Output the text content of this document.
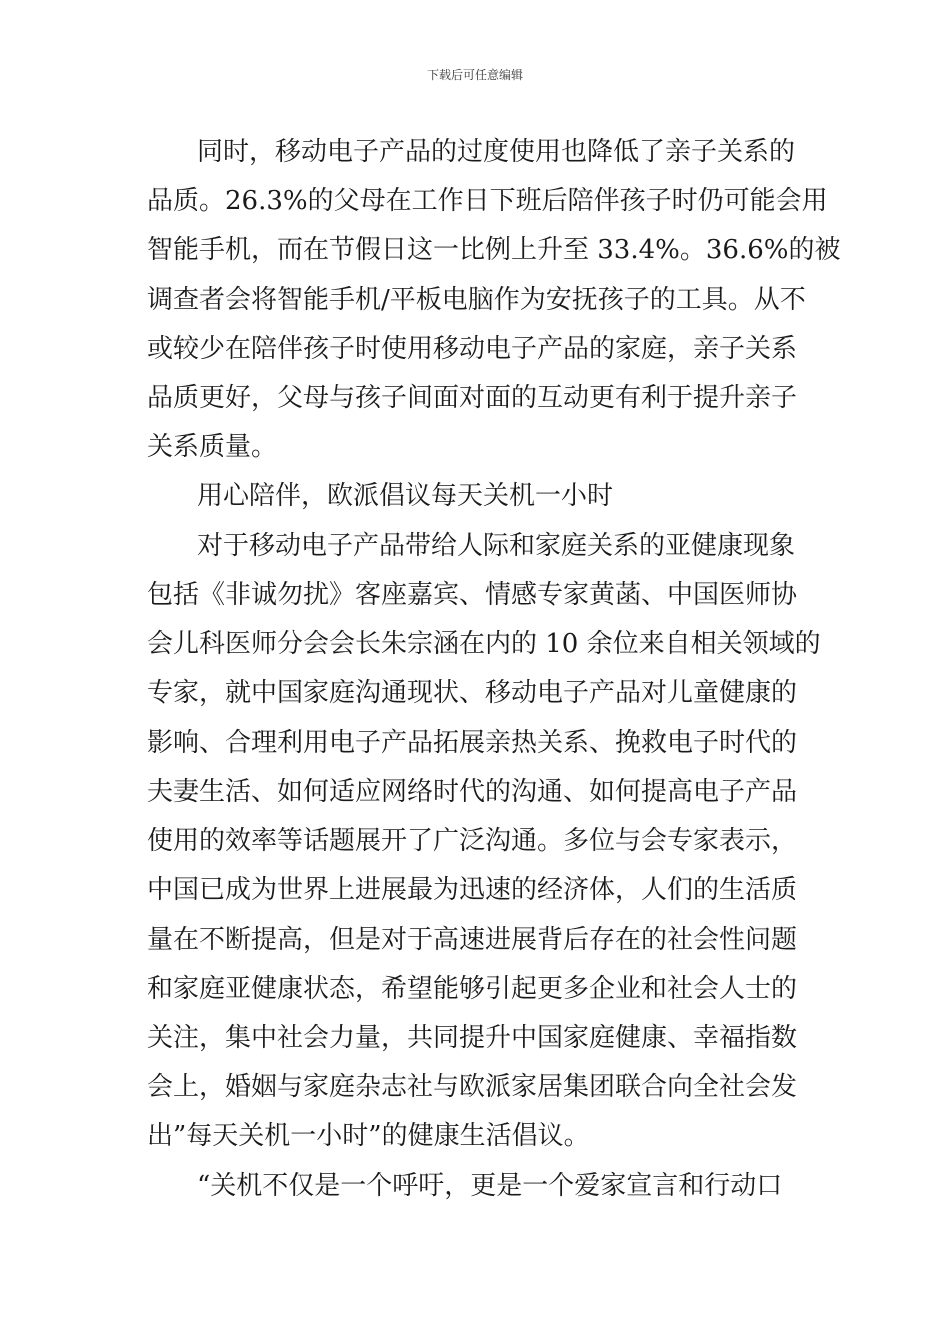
下载后可任意编辑
同时，移动电子产品的过度使用也降低了亲子关系的
品质。26.3%的父母在工作日下班后陪伴孩子时仍可能会用
智能手机，而在节假日这一比例上升至 33.4%。36.6%的被
调查者会将智能手机/平板电脑作为安抚孩子的工具。从不
或较少在陪伴孩子时使用移动电子产品的家庭，亲子关系
品质更好，父母与孩子间面对面的互动更有利于提升亲子
关系质量。
用心陪伴，欧派倡议每天关机一小时
对于移动电子产品带给人际和家庭关系的亚健康现象
包括《非诚勿扰》客座嘉宾、情感专家黄菡、中国医师协
会儿科医师分会会长朱宗涵在内的 10 余位来自相关领域的
专家，就中国家庭沟通现状、移动电子产品对儿童健康的
影响、合理利用电子产品拓展亲热关系、挽救电子时代的
夫妻生活、如何适应网络时代的沟通、如何提高电子产品
使用的效率等话题展开了广泛沟通。多位与会专家表示，
中国已成为世界上进展最为迅速的经济体，人们的生活质
量在不断提高，但是对于高速进展背后存在的社会性问题
和家庭亚健康状态，希望能够引起更多企业和社会人士的
关注，集中社会力量，共同提升中国家庭健康、幸福指数
会上，婚姻与家庭杂志社与欧派家居集团联合向全社会发
出”每天关机一小时”的健康生活倡议。
“关机不仅是一个呼吁，更是一个爱家宣言和行动口
